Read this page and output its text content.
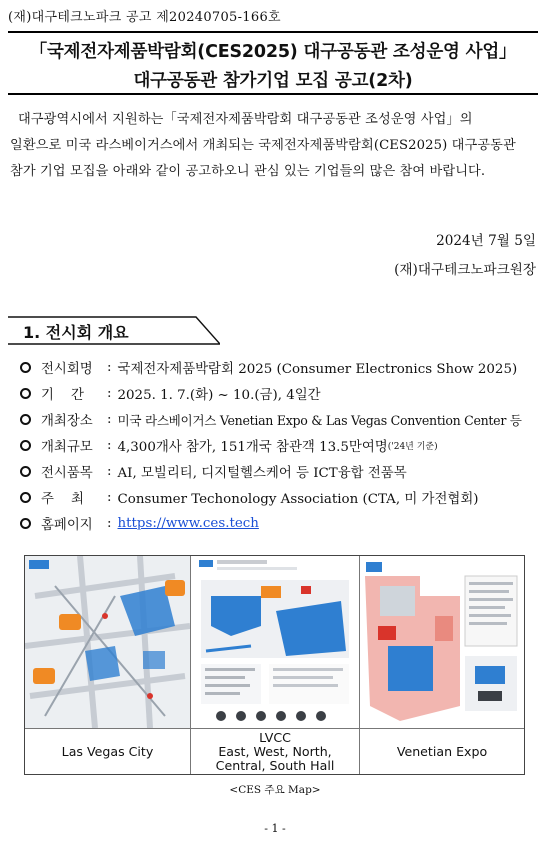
(재)대구테크노파크 공고 제20240705-166호
「국제전자제품박람회(CES2025) 대구공동관 조성운영 사업」
대구공동관 참가기업 모집 공고(2차)
대구광역시에서 지원하는「국제전자제품박람회 대구공동관 조성운영 사업」의
일환으로 미국 라스베이거스에서 개최되는 국제전자제품박람회(CES2025) 대구공동관
참가 기업 모집을 아래와 같이 공고하오니 관심 있는 기업들의 많은 참여 바랍니다.
2024년 7월 5일
(재)대구테크노파크원장
1. 전시회 개요
전시회명	: 국제전자제품박람회 2025 (Consumer Electronics Show 2025)
기    간	: 2025. 1. 7.(화) ~ 10.(금), 4일간
개최장소	: 미국 라스베이거스 Venetian Expo & Las Vegas Convention Center 등
개최규모	: 4,300개사 참가, 151개국 참관객 13.5만여명 ('24년 기준)
전시품목	: AI, 모빌리티, 디지털헬스케어 등 ICT융합 전품목
주    최	: Consumer Techonology Association (CTA, 미 가전협회)
홈페이지	: https://www.ces.tech
Las Vegas City
LVCC
East, West, North,
Central, South Hall
Venetian Expo
<CES 주요 Map>
- 1 -
